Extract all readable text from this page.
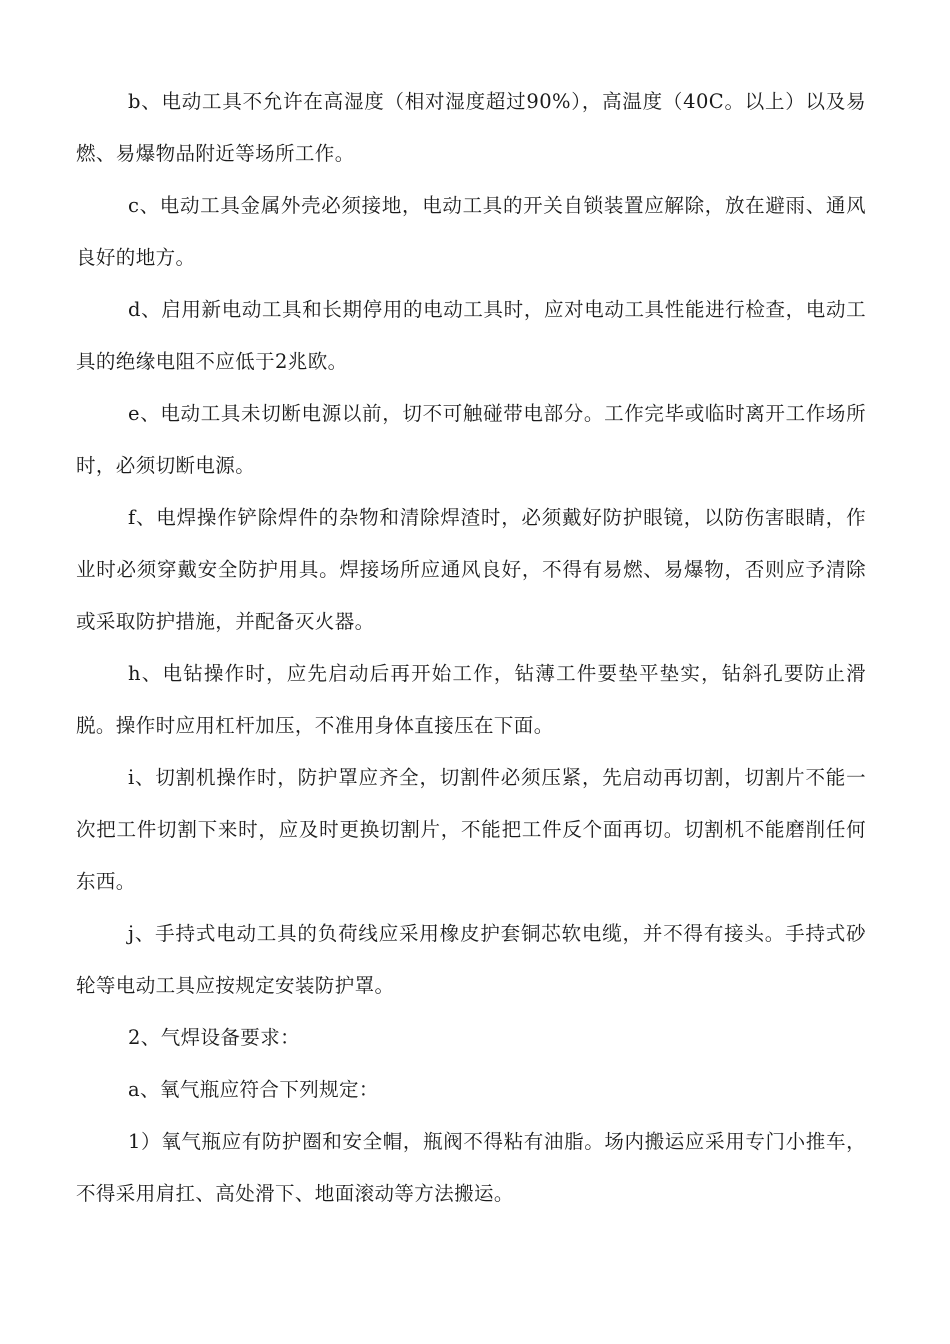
b、电动工具不允许在高湿度（相对湿度超过90%），高温度（40C。以上）以及易燃、易爆物品附近等场所工作。

c、电动工具金属外壳必须接地，电动工具的开关自锁装置应解除，放在避雨、通风良好的地方。

d、启用新电动工具和长期停用的电动工具时，应对电动工具性能进行检查，电动工具的绝缘电阻不应低于2兆欧。

e、电动工具未切断电源以前，切不可触碰带电部分。工作完毕或临时离开工作场所时，必须切断电源。

f、电焊操作铲除焊件的杂物和清除焊渣时，必须戴好防护眼镜，以防伤害眼睛，作业时必须穿戴安全防护用具。焊接场所应通风良好，不得有易燃、易爆物，否则应予清除或采取防护措施，并配备灭火器。

h、电钻操作时，应先启动后再开始工作，钻薄工件要垫平垫实，钻斜孔要防止滑脱。操作时应用杠杆加压，不准用身体直接压在下面。

i、切割机操作时，防护罩应齐全，切割件必须压紧，先启动再切割，切割片不能一次把工件切割下来时，应及时更换切割片，不能把工件反个面再切。切割机不能磨削任何东西。

j、手持式电动工具的负荷线应采用橡皮护套铜芯软电缆，并不得有接头。手持式砂轮等电动工具应按规定安装防护罩。

2、气焊设备要求：

a、氧气瓶应符合下列规定：

1）氧气瓶应有防护圈和安全帽，瓶阀不得粘有油脂。场内搬运应采用专门小推车，不得采用肩扛、高处滑下、地面滚动等方法搬运。
